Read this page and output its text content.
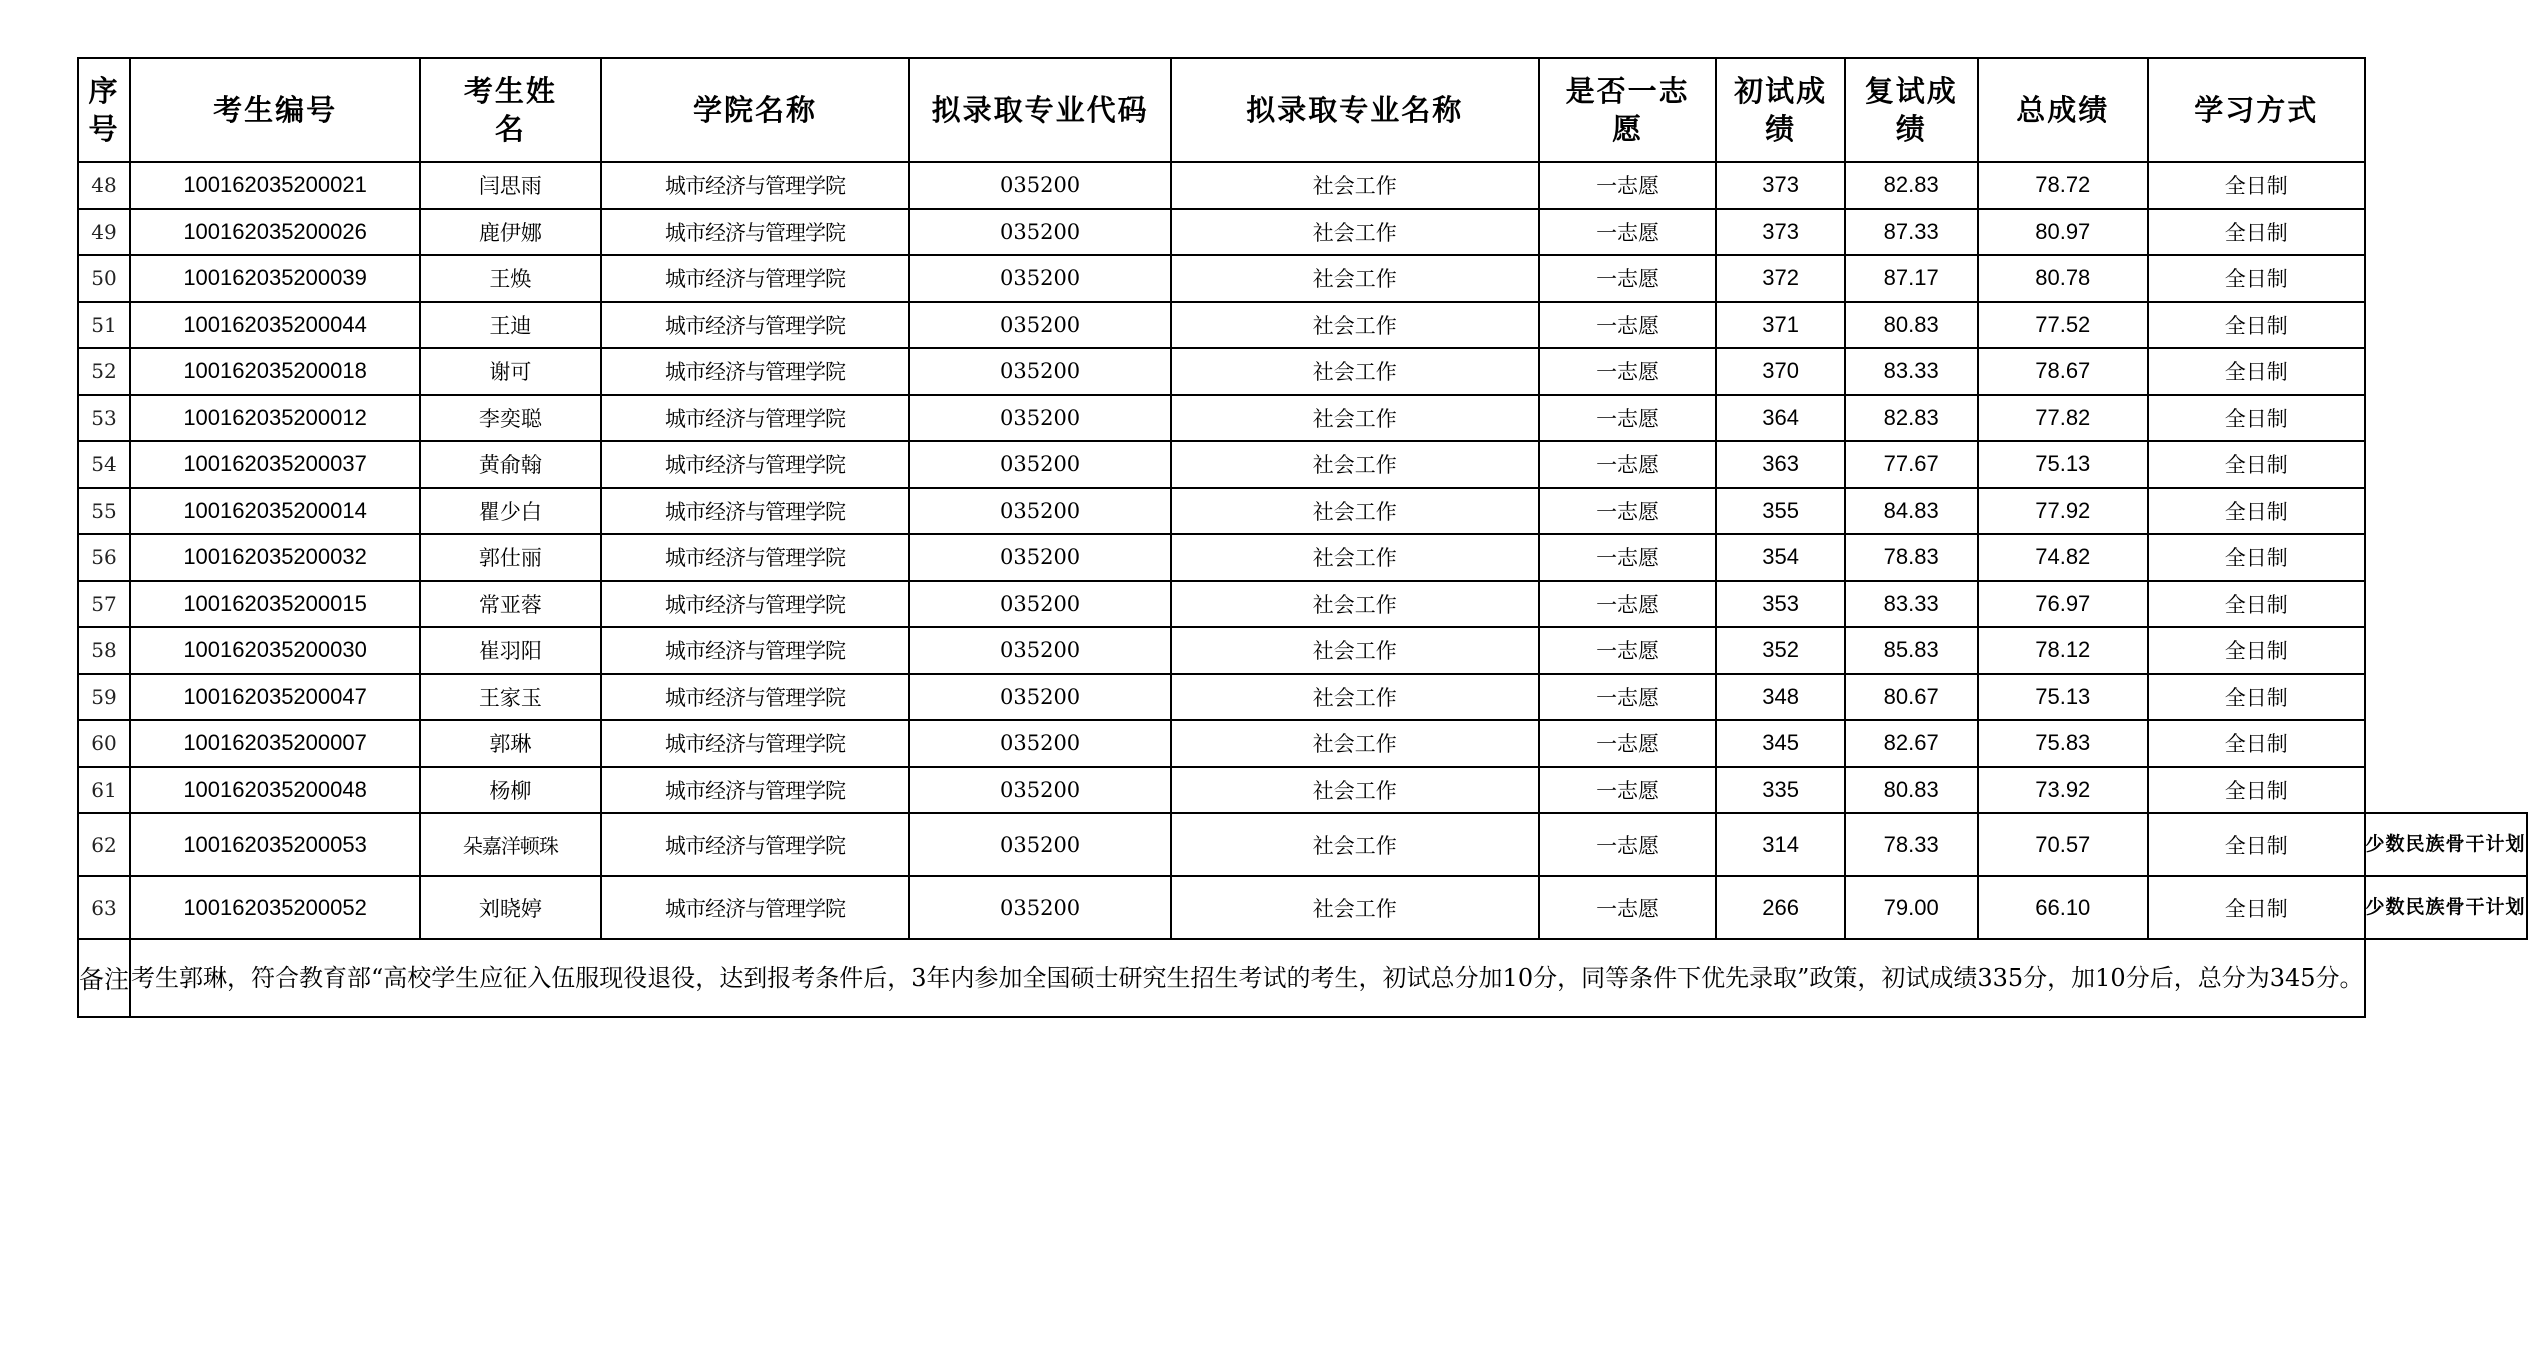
序号	考生编号	考生姓名	学院名称	拟录取专业代码	拟录取专业名称	是否一志愿	初试成绩	复试成绩	总成绩	学习方式	
48	100162035200021	闫思雨	城市经济与管理学院	035200	社会工作	一志愿	373	82.83	78.72	全日制	
49	100162035200026	鹿伊娜	城市经济与管理学院	035200	社会工作	一志愿	373	87.33	80.97	全日制	
50	100162035200039	王焕	城市经济与管理学院	035200	社会工作	一志愿	372	87.17	80.78	全日制	
51	100162035200044	王迪	城市经济与管理学院	035200	社会工作	一志愿	371	80.83	77.52	全日制	
52	100162035200018	谢可	城市经济与管理学院	035200	社会工作	一志愿	370	83.33	78.67	全日制	
53	100162035200012	李奕聪	城市经济与管理学院	035200	社会工作	一志愿	364	82.83	77.82	全日制	
54	100162035200037	黄俞翰	城市经济与管理学院	035200	社会工作	一志愿	363	77.67	75.13	全日制	
55	100162035200014	瞿少白	城市经济与管理学院	035200	社会工作	一志愿	355	84.83	77.92	全日制	
56	100162035200032	郭仕丽	城市经济与管理学院	035200	社会工作	一志愿	354	78.83	74.82	全日制	
57	100162035200015	常亚蓉	城市经济与管理学院	035200	社会工作	一志愿	353	83.33	76.97	全日制	
58	100162035200030	崔羽阳	城市经济与管理学院	035200	社会工作	一志愿	352	85.83	78.12	全日制	
59	100162035200047	王家玉	城市经济与管理学院	035200	社会工作	一志愿	348	80.67	75.13	全日制	
60	100162035200007	郭琳	城市经济与管理学院	035200	社会工作	一志愿	345	82.67	75.83	全日制	
61	100162035200048	杨柳	城市经济与管理学院	035200	社会工作	一志愿	335	80.83	73.92	全日制	
62	100162035200053	朵嘉洋顿珠	城市经济与管理学院	035200	社会工作	一志愿	314	78.33	70.57	全日制	少数民族骨干计划
63	100162035200052	刘晓婷	城市经济与管理学院	035200	社会工作	一志愿	266	79.00	66.10	全日制	少数民族骨干计划
备注	考生郭琳，符合教育部“高校学生应征入伍服现役退役，达到报考条件后，3年内参加全国硕士研究生招生考试的考生，初试总分加10分，同等条件下优先录取”政策，初试成绩335分，加10分后，总分为345分。										
